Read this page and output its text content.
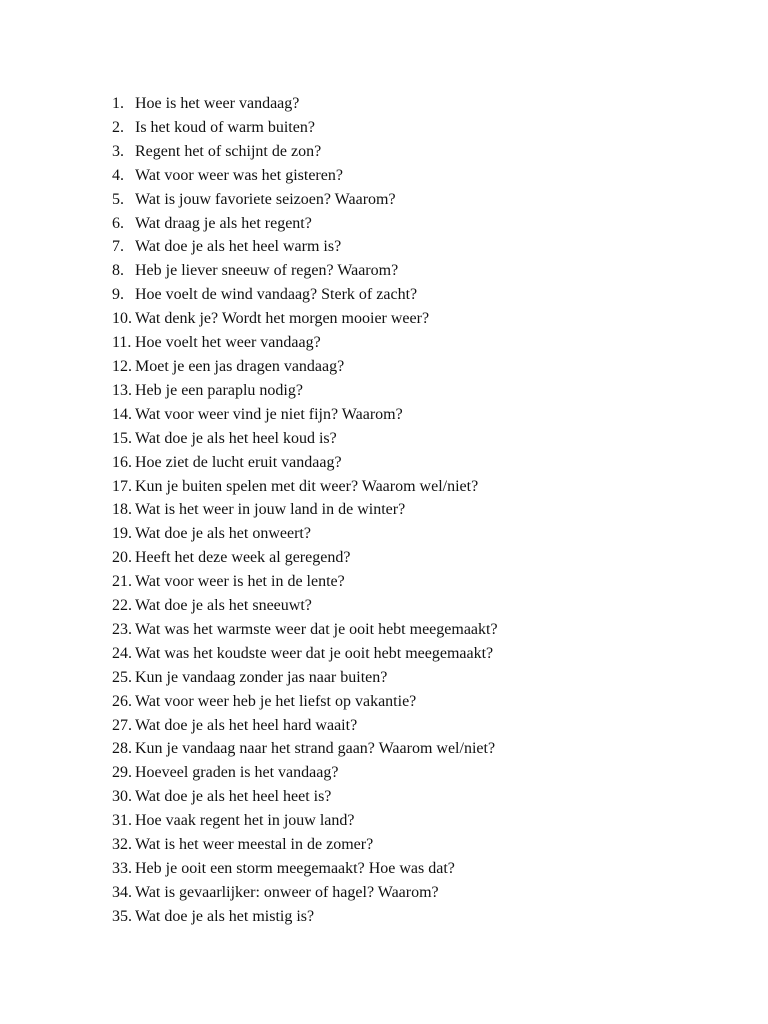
1. Hoe is het weer vandaag?
2. Is het koud of warm buiten?
3. Regent het of schijnt de zon?
4. Wat voor weer was het gisteren?
5. Wat is jouw favoriete seizoen? Waarom?
6. Wat draag je als het regent?
7. Wat doe je als het heel warm is?
8. Heb je liever sneeuw of regen? Waarom?
9. Hoe voelt de wind vandaag? Sterk of zacht?
10. Wat denk je? Wordt het morgen mooier weer?
11. Hoe voelt het weer vandaag?
12. Moet je een jas dragen vandaag?
13. Heb je een paraplu nodig?
14. Wat voor weer vind je niet fijn? Waarom?
15. Wat doe je als het heel koud is?
16. Hoe ziet de lucht eruit vandaag?
17. Kun je buiten spelen met dit weer? Waarom wel/niet?
18. Wat is het weer in jouw land in de winter?
19. Wat doe je als het onweert?
20. Heeft het deze week al geregend?
21. Wat voor weer is het in de lente?
22. Wat doe je als het sneeuwt?
23. Wat was het warmste weer dat je ooit hebt meegemaakt?
24. Wat was het koudste weer dat je ooit hebt meegemaakt?
25. Kun je vandaag zonder jas naar buiten?
26. Wat voor weer heb je het liefst op vakantie?
27. Wat doe je als het heel hard waait?
28. Kun je vandaag naar het strand gaan? Waarom wel/niet?
29. Hoeveel graden is het vandaag?
30. Wat doe je als het heel heet is?
31. Hoe vaak regent het in jouw land?
32. Wat is het weer meestal in de zomer?
33. Heb je ooit een storm meegemaakt? Hoe was dat?
34. Wat is gevaarlijker: onweer of hagel? Waarom?
35. Wat doe je als het mistig is?
